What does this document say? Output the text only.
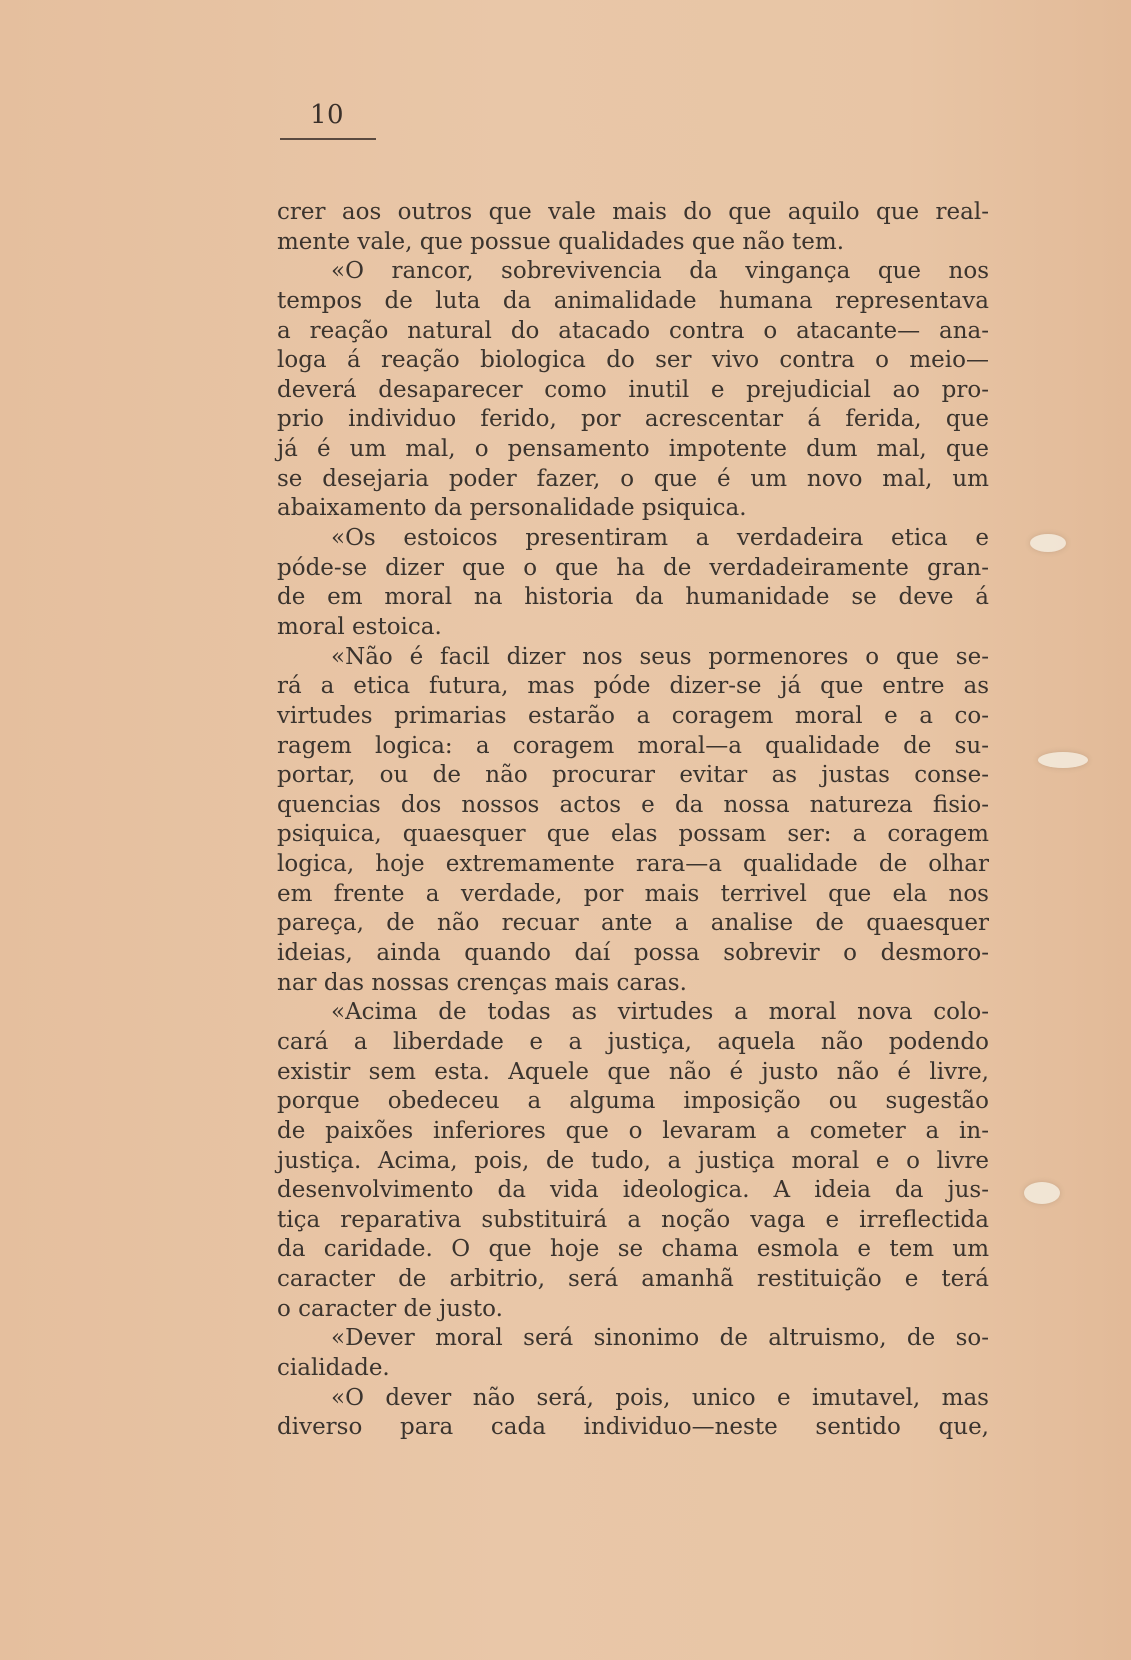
10
crer aos outros que vale mais do que aquilo que real-
mente vale, que possue qualidades que não tem.
«O rancor, sobrevivencia da vingança que nos
tempos de luta da animalidade humana representava
a reação natural do atacado contra o atacante— ana-
loga á reação biologica do ser vivo contra o meio—
deverá desaparecer como inutil e prejudicial ao pro-
prio individuo ferido, por acrescentar á ferida, que
já é um mal, o pensamento impotente dum mal, que
se desejaria poder fazer, o que é um novo mal, um
abaixamento da personalidade psiquica.
«Os estoicos presentiram a verdadeira etica e
póde-se dizer que o que ha de verdadeiramente gran-
de em moral na historia da humanidade se deve á
moral estoica.
«Não é facil dizer nos seus pormenores o que se-
rá a etica futura, mas póde dizer-se já que entre as
virtudes primarias estarão a coragem moral e a co-
ragem logica: a coragem moral—a qualidade de su-
portar, ou de não procurar evitar as justas conse-
quencias dos nossos actos e da nossa natureza fisio-
psiquica, quaesquer que elas possam ser: a coragem
logica, hoje extremamente rara—a qualidade de olhar
em frente a verdade, por mais terrivel que ela nos
pareça, de não recuar ante a analise de quaesquer
ideias, ainda quando daí possa sobrevir o desmoro-
nar das nossas crenças mais caras.
«Acima de todas as virtudes a moral nova colo-
cará a liberdade e a justiça, aquela não podendo
existir sem esta. Aquele que não é justo não é livre,
porque obedeceu a alguma imposição ou sugestão
de paixões inferiores que o levaram a cometer a in-
justiça. Acima, pois, de tudo, a justiça moral e o livre
desenvolvimento da vida ideologica. A ideia da jus-
tiça reparativa substituirá a noção vaga e irreflectida
da caridade. O que hoje se chama esmola e tem um
caracter de arbitrio, será amanhã restituição e terá
o caracter de justo.
«Dever moral será sinonimo de altruismo, de so-
cialidade.
«O dever não será, pois, unico e imutavel, mas
diverso para cada individuo—neste sentido que,
